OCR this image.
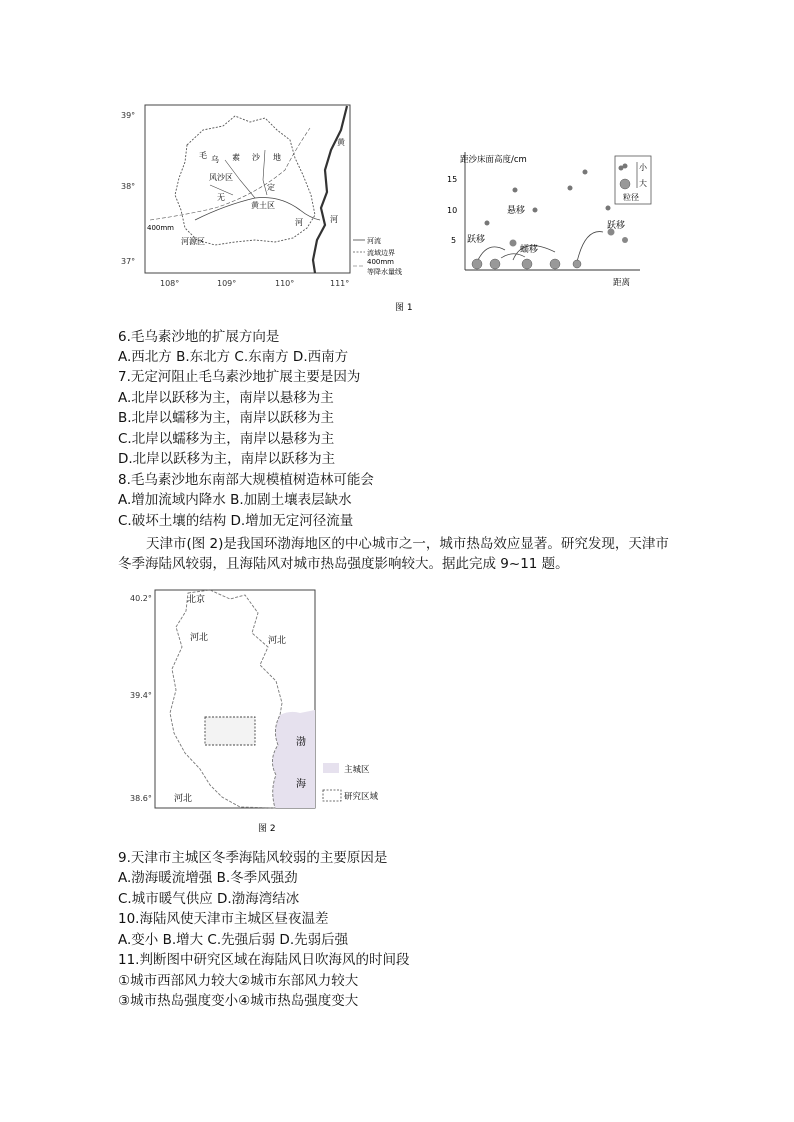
39°
38°
37°
108°	109°	110°	111°
毛 乌 素 沙 地
风沙区
无
定
黄土区
河
400mm
河源区
黄
河
河流
流域边界
400mm
等降水量线
距沙床面高度/cm
15
10
5
距离
悬移
跃移
跃移
蠕移
小
大
粒径
图 1
6.毛乌素沙地的扩展方向是
A.西北方 B.东北方 C.东南方 D.西南方
7.无定河阻止毛乌素沙地扩展主要是因为
A.北岸以跃移为主，南岸以悬移为主
B.北岸以蠕移为主，南岸以跃移为主
C.北岸以蠕移为主，南岸以悬移为主
D.北岸以跃移为主，南岸以跃移为主
8.毛乌素沙地东南部大规模植树造林可能会
A.增加流域内降水 B.加剧土壤表层缺水
C.破坏土壤的结构 D.增加无定河径流量
天津市(图 2)是我国环渤海地区的中心城市之一，城市热岛效应显著。研究发现，天津市冬季海陆风较弱，且海陆风对城市热岛强度影响较大。据此完成 9~11 题。
40.2°
39.4°
38.6°
北京
河北	河北
河北
渤
海
主城区
研究区域
图 2
9.天津市主城区冬季海陆风较弱的主要原因是
A.渤海暖流增强 B.冬季风强劲
C.城市暖气供应 D.渤海湾结冰
10.海陆风使天津市主城区昼夜温差
A.变小 B.增大 C.先强后弱 D.先弱后强
11.判断图中研究区域在海陆风日吹海风的时间段
①城市西部风力较大②城市东部风力较大
③城市热岛强度变小④城市热岛强度变大
